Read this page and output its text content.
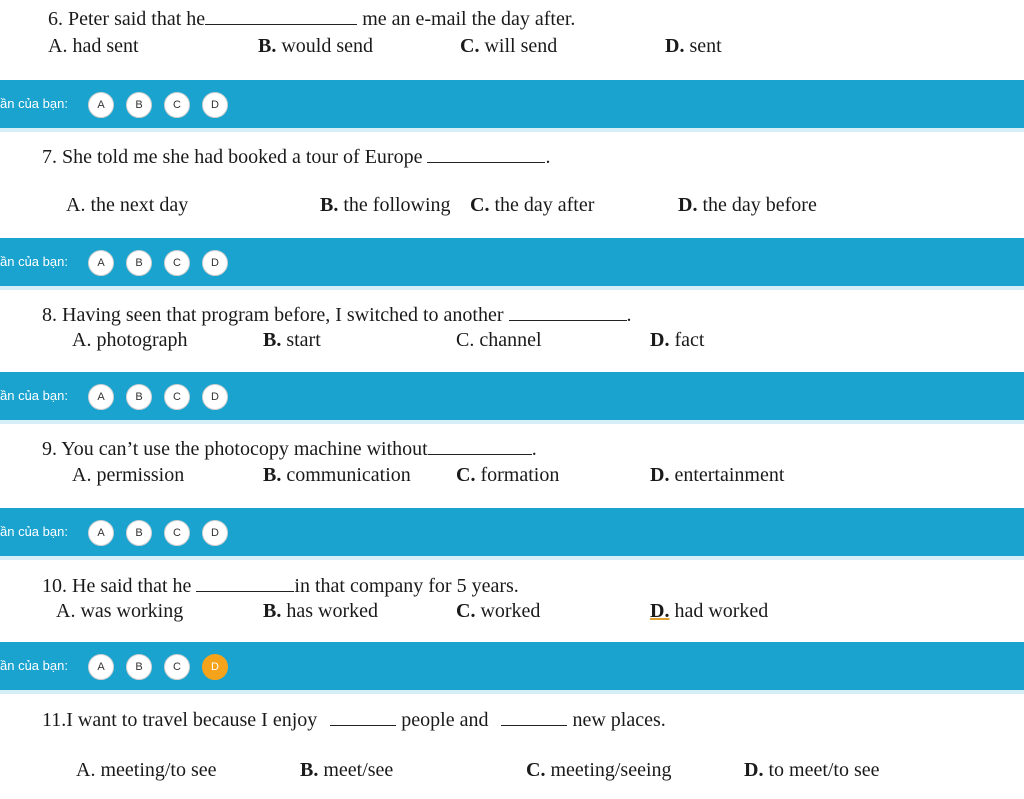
6. Peter said that he	me an e-mail the day after.
A. had sent	B. would send	C. will send	D. sent
ần của bạn:	A	B	C	D
7. She told me she had booked a tour of Europe	.
A. the next day	B. the following C. the day after	D. the day before
ần của bạn:	A	B	C	D
8. Having seen that program before, I switched to another	.
A. photograph	B. start	C. channel	D. fact
ần của bạn:	A	B	C	D
9. You can’t use the photocopy machine without	.
A. permission	B. communication C. formation	D. entertainment
ần của bạn:	A	B	C	D
10. He said that he	in that company for 5 years.
A. was working	B. has worked	C. worked	D. had worked
ần của bạn:	A	B	C	D
11.I want to travel because I enjoy	people and	new places.
A. meeting/to see	B. meet/see	C. meeting/seeing	D. to meet/to see
